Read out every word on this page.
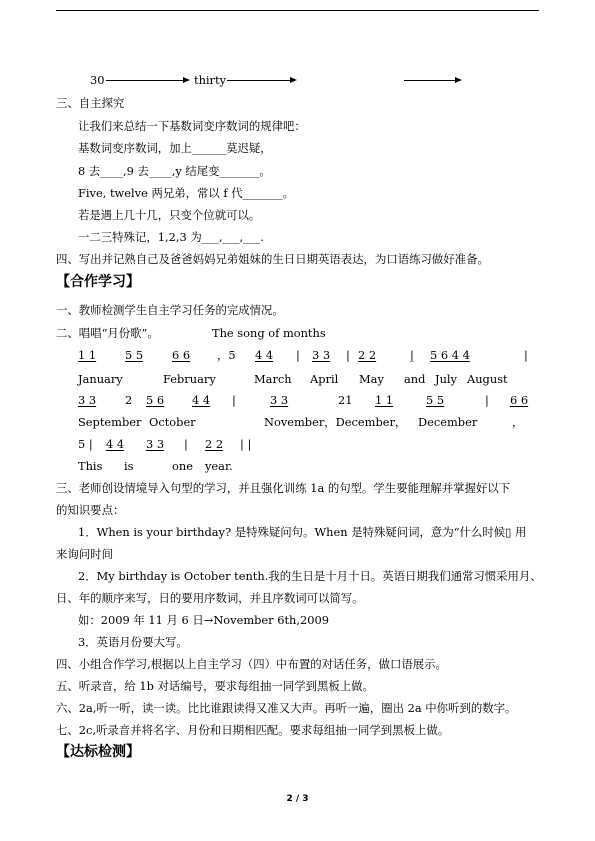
30	thirty
三、自主探究
让我们来总结一下基数词变序数词的规律吧：
基数词变序数词，加上______莫迟疑，
8 去____,9 去____,y 结尾变_______。
Five, twelve 两兄弟，常以 f 代_______。
若是遇上几十几，只变个位就可以。
一二三特殊记，1,2,3 为___,___,___.
四、写出并记熟自己及爸爸妈妈兄弟姐妹的生日日期英语表达，为口语练习做好准备。
【合作学习】
一、教师检测学生自主学习任务的完成情况。
二、唱唱“月份歌”。	The song of months
1 1	5 5	6 6 ，5 4 4	3 3 2 2	| 5 6 4 4	|
|	|
January	February	March April May and July August
3 3	2 5 6 4 4 |	3 3	21 1 1	5 5	| 6 6
September October	November，December， December	，
5 | 4 4 3 3 | 2 2 | |
This is	one year.
三、老师创设情境导入句型的学习，并且强化训练 1a 的句型。学生要能理解并掌握好以下
的知识要点：
1．When is your birthday? 是特殊疑问句。When 是特殊疑问词，意为“什么时候▯ 用
来询问时间
2．My birthday is October tenth.我的生日是十月十日。英语日期我们通常习惯采用月、
日、年的顺序来写，日的要用序数词，并且序数词可以简写。
如：2009 年 11 月 6 日→November 6th,2009
3．英语月份要大写。
四、小组合作学习,根据以上自主学习（四）中布置的对话任务，做口语展示。
五、听录音，给 1b 对话编号，要求每组抽一同学到黑板上做。
六、2a,听一听，读一读。比比谁跟读得又准又大声。再听一遍，圈出 2a 中你听到的数字。
七、2c,听录音并将名字、月份和日期相匹配。要求每组抽一同学到黑板上做。
【达标检测】
2 / 3
